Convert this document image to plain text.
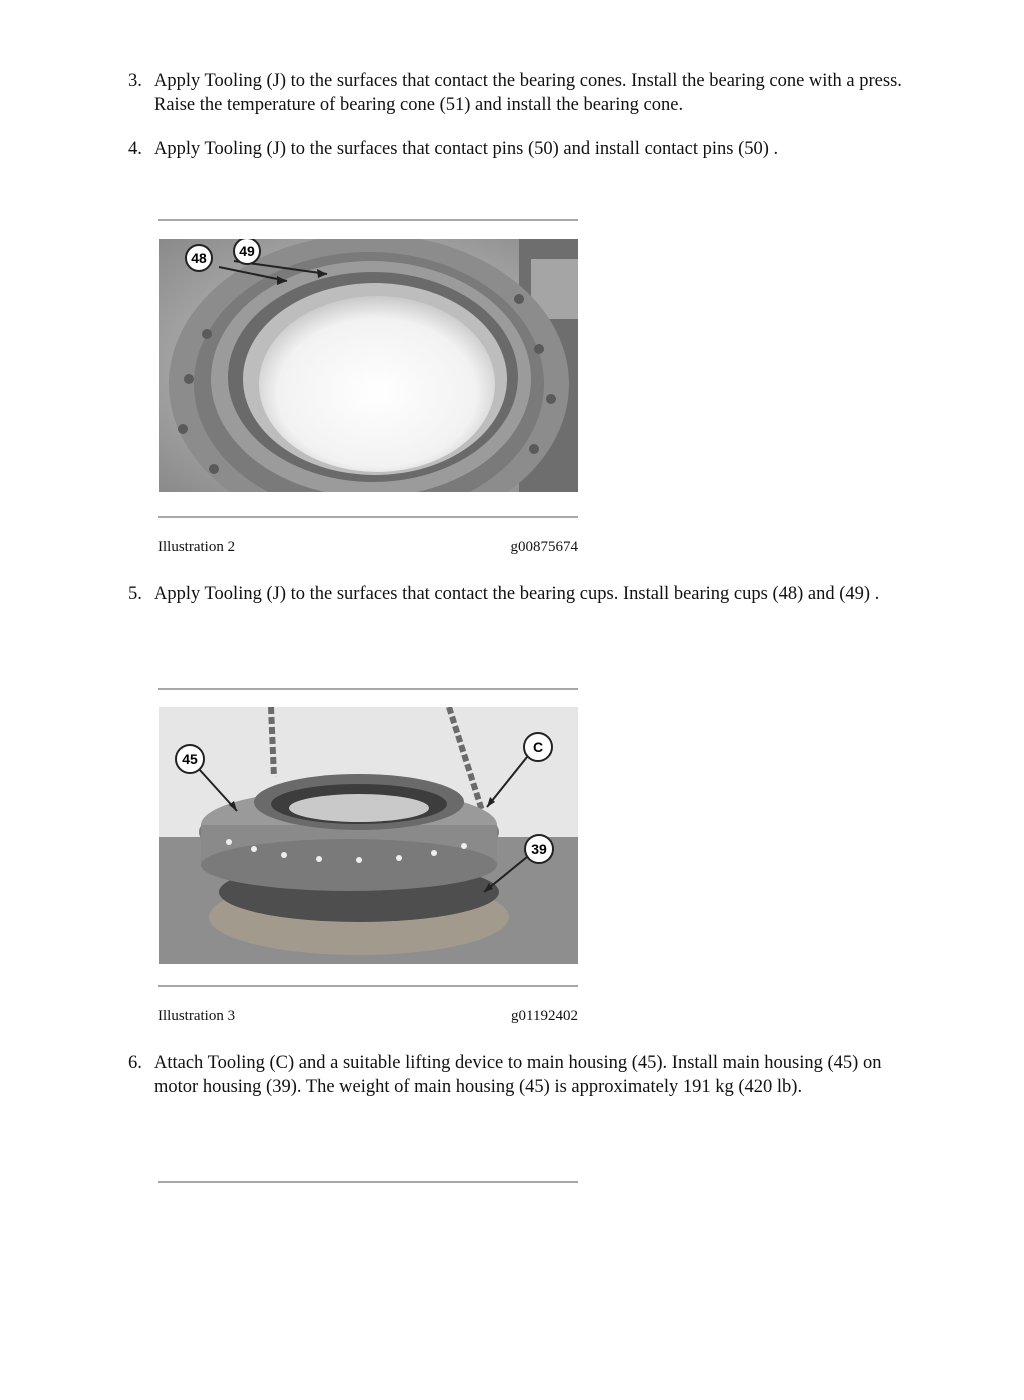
3. Apply Tooling (J) to the surfaces that contact the bearing cones. Install the bearing cone with a press. Raise the temperature of bearing cone (51) and install the bearing cone.
4. Apply Tooling (J) to the surfaces that contact pins (50) and install contact pins (50) .
48 49
Illustration 2	g00875674
5. Apply Tooling (J) to the surfaces that contact the bearing cups. Install bearing cups (48) and (49) .
45
C
39
Illustration 3	g01192402
6. Attach Tooling (C) and a suitable lifting device to main housing (45). Install main housing (45) on motor housing (39). The weight of main housing (45) is approximately 191 kg (420 lb).
